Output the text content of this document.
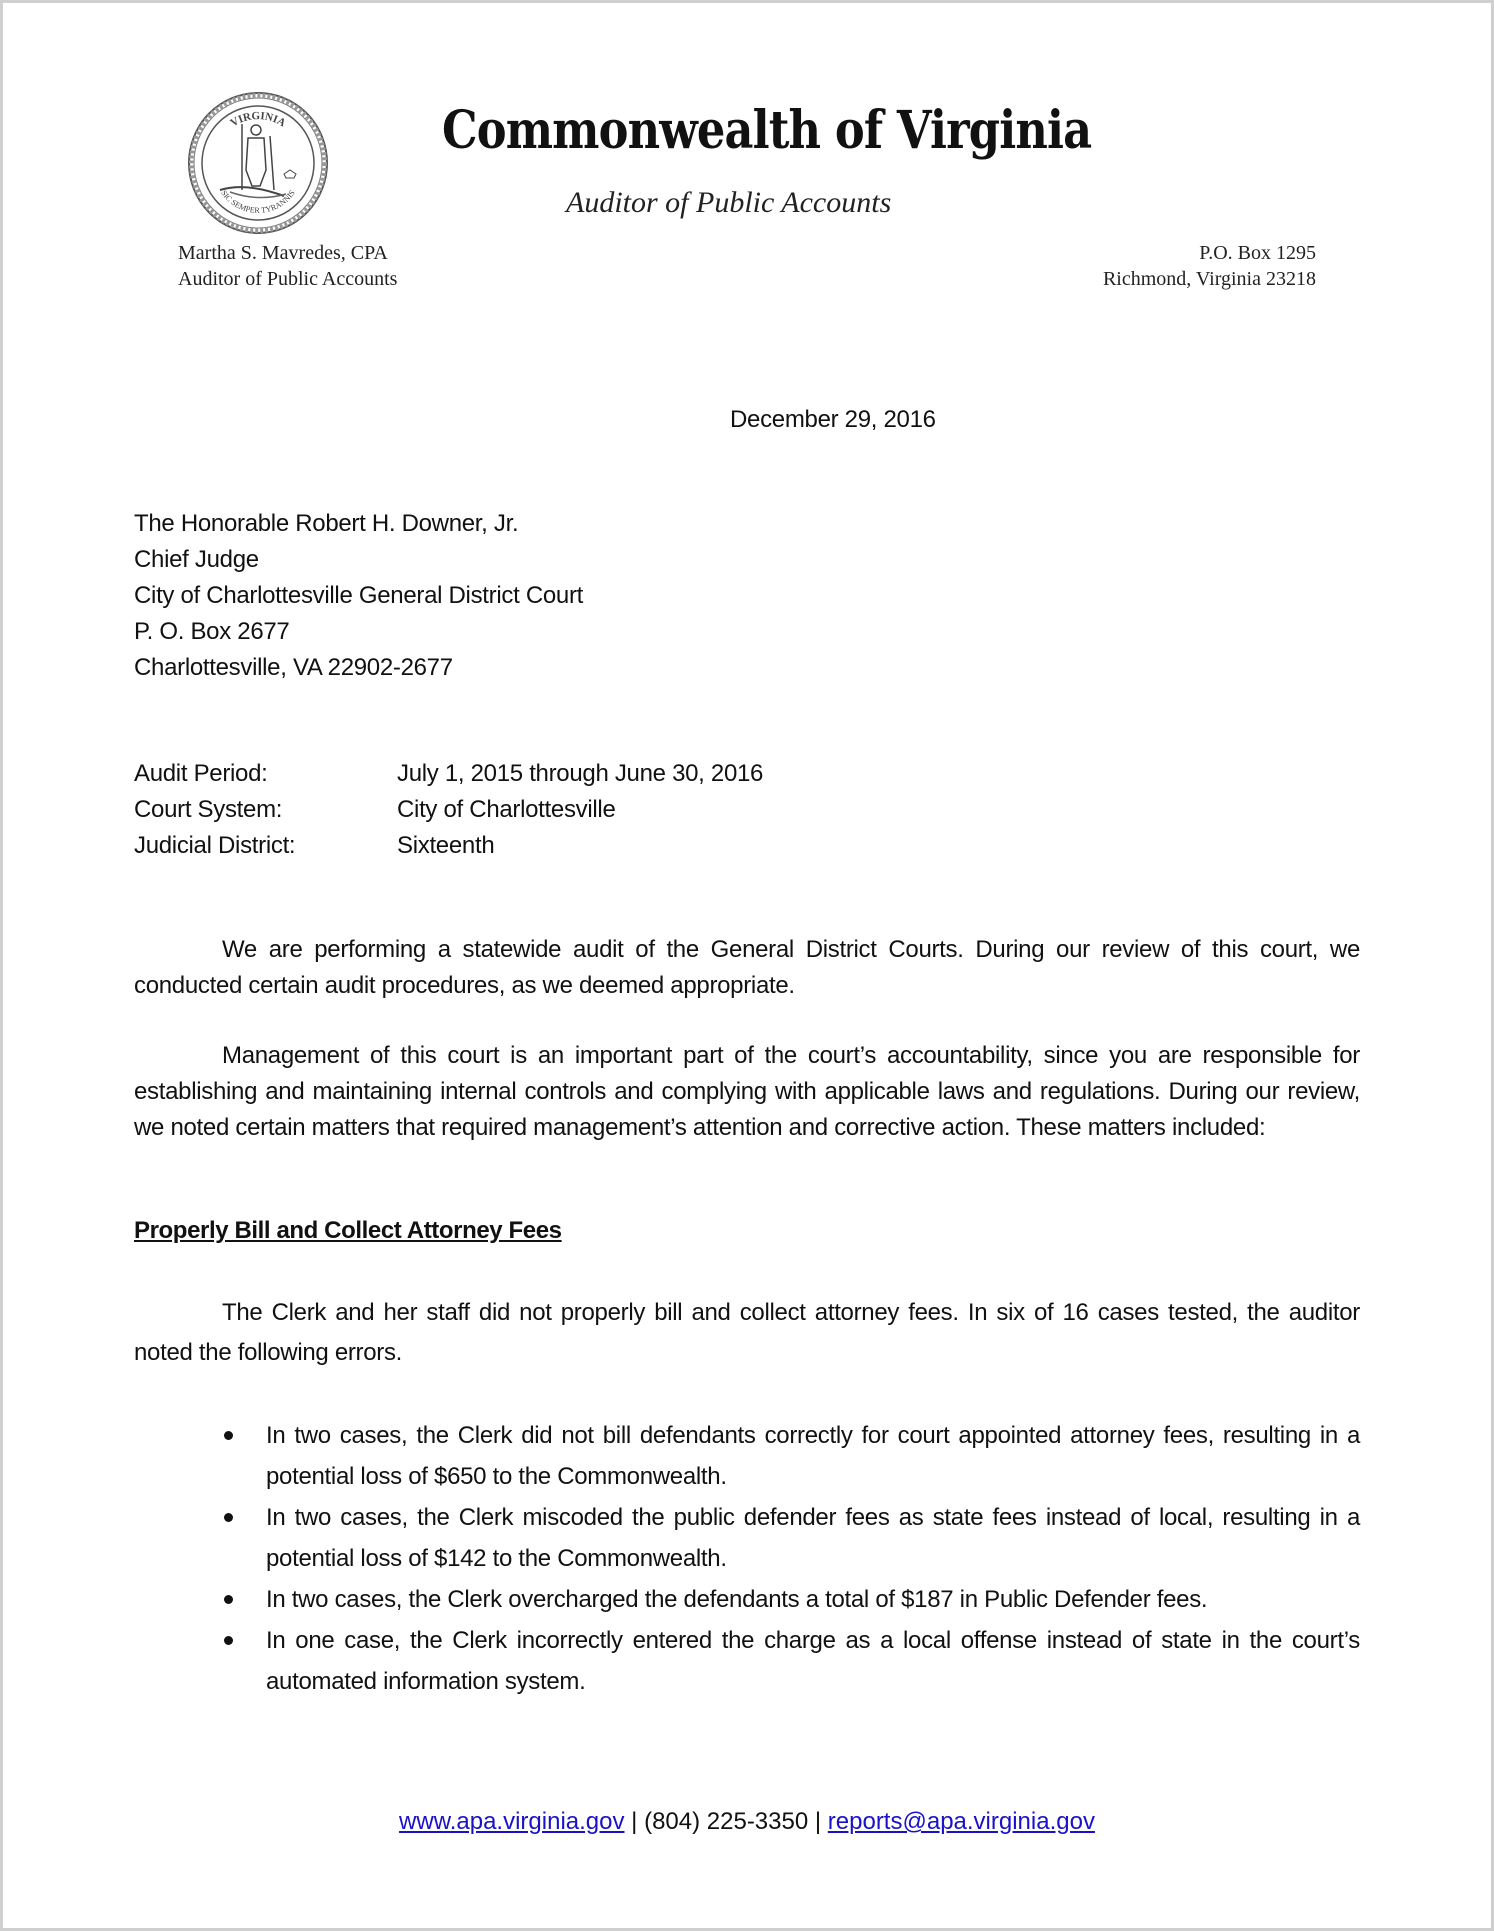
VIRGINIA
SIC SEMPER TYRANNIS
Commonwealth of Virginia
Auditor of Public Accounts
Martha S. Mavredes, CPA
Auditor of Public Accounts
P.O. Box 1295
Richmond, Virginia 23218
December 29, 2016
The Honorable Robert H. Downer, Jr.
Chief Judge
City of Charlottesville General District Court
P. O. Box 2677
Charlottesville, VA 22902-2677
Audit Period:	July 1, 2015 through June 30, 2016
Court System:	City of Charlottesville
Judicial District:	Sixteenth
We are performing a statewide audit of the General District Courts. During our review of this court, we conducted certain audit procedures, as we deemed appropriate.
Management of this court is an important part of the court’s accountability, since you are responsible for establishing and maintaining internal controls and complying with applicable laws and regulations. During our review, we noted certain matters that required management’s attention and corrective action. These matters included:
Properly Bill and Collect Attorney Fees
The Clerk and her staff did not properly bill and collect attorney fees. In six of 16 cases tested, the auditor noted the following errors.
In two cases, the Clerk did not bill defendants correctly for court appointed attorney fees, resulting in a potential loss of $650 to the Commonwealth.
In two cases, the Clerk miscoded the public defender fees as state fees instead of local, resulting in a potential loss of $142 to the Commonwealth.
In two cases, the Clerk overcharged the defendants a total of $187 in Public Defender fees.
In one case, the Clerk incorrectly entered the charge as a local offense instead of state in the court’s automated information system.
www.apa.virginia.gov | (804) 225-3350 | reports@apa.virginia.gov
